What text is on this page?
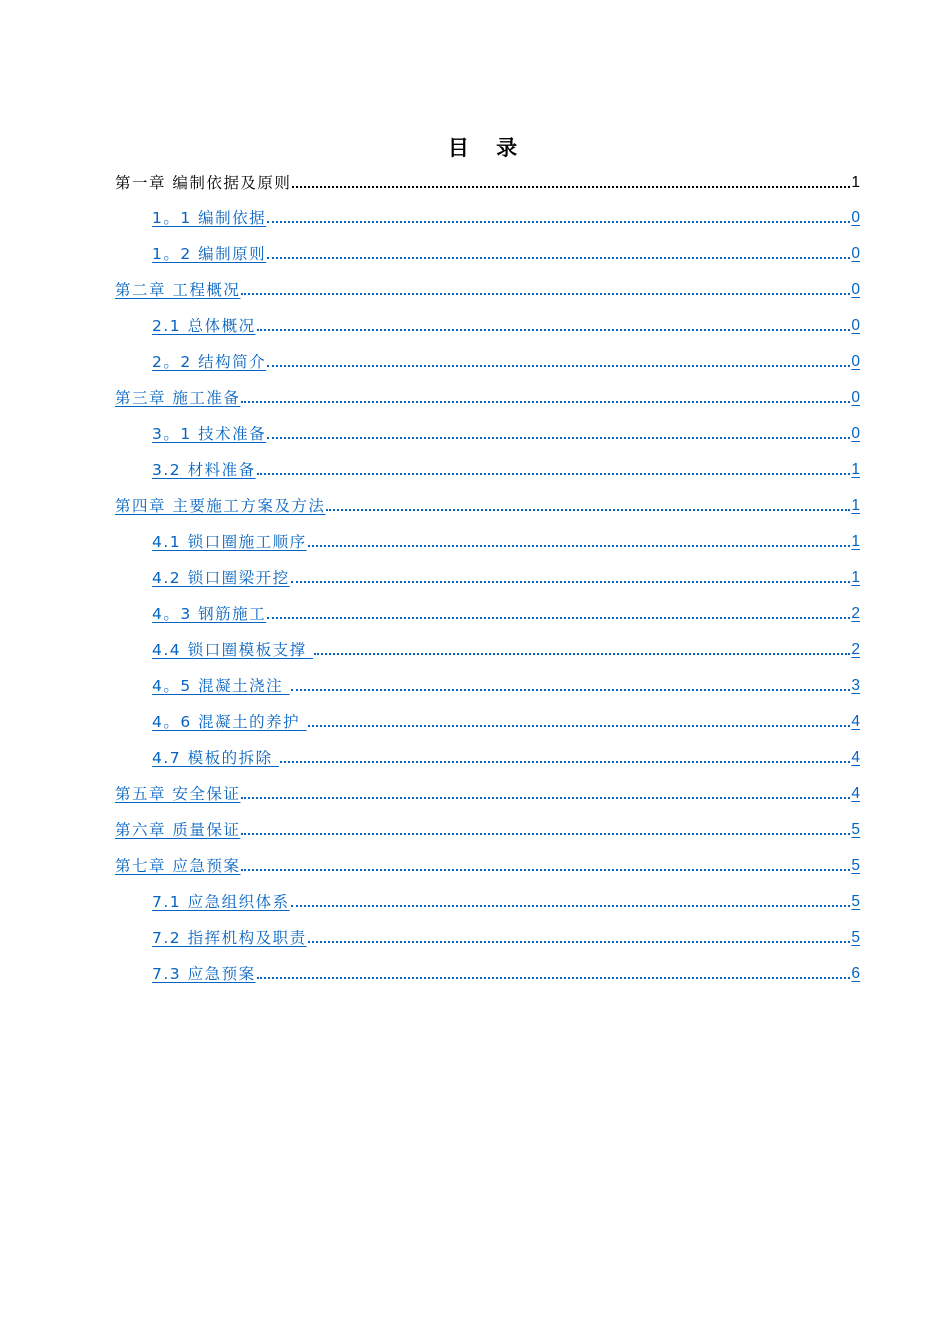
目 录
第一章 编制依据及原则	1
1。1 编制依据	0
1。2 编制原则	0
第二章 工程概况	0
2.1 总体概况	0
2。2 结构简介	0
第三章 施工准备	0
3。1 技术准备	0
3.2 材料准备	1
第四章 主要施工方案及方法	1
4.1 锁口圈施工顺序	1
4.2 锁口圈梁开挖	1
4。3 钢筋施工	2
4.4 锁口圈模板支撑	2
4。5 混凝土浇注	3
4。6 混凝土的养护	4
4.7 模板的拆除	4
第五章 安全保证	4
第六章 质量保证	5
第七章 应急预案	5
7.1 应急组织体系	5
7.2 指挥机构及职责	5
7.3 应急预案	6
